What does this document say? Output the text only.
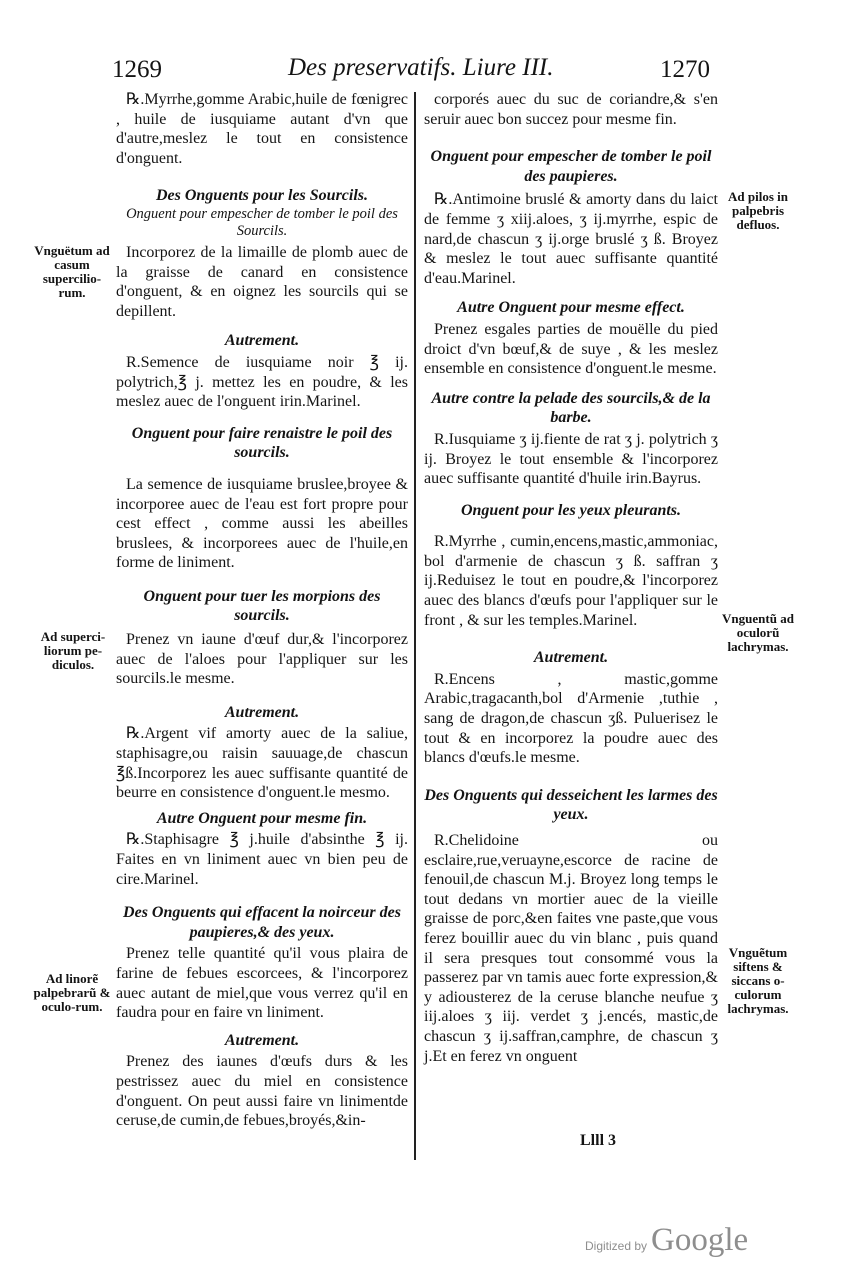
1269	Des preservatifs. Liure III.	1270
℞.Myrrhe,gomme Arabic,huile de fœnigrec , huile de iusquiame autant d'vn que d'autre,meslez le tout en consistence d'onguent.
Des Onguents pour les Sourcils.
Onguent pour empescher de tomber le poil des Sourcils.
Incorporez de la limaille de plomb auec de la graisse de canard en consistence d'onguent, & en oignez les sourcils qui se depillent.
Autrement.
R.Semence de iusquiame noir ℥ ij. polytrich,℥ j. mettez les en poudre, & les meslez auec de l'onguent irin.Marinel.
Onguent pour faire renaistre le poil des sourcils.
La semence de iusquiame bruslee,broyee & incorporee auec de l'eau est fort propre pour cest effect , comme aussi les abeilles bruslees, & incorporees auec de l'huile,en forme de liniment.
Onguent pour tuer les morpions des sourcils.
Prenez vn iaune d'œuf dur,& l'incorporez auec de l'aloes pour l'appliquer sur les sourcils.le mesme.
Autrement.
℞.Argent vif amorty auec de la saliue, staphisagre,ou raisin sauuage,de chascun ℥ß.Incorporez les auec suffisante quantité de beurre en consistence d'onguent.le mesmo.
Autre Onguent pour mesme fin.
℞.Staphisagre ℥ j.huile d'absinthe ℥ ij. Faites en vn liniment auec vn bien peu de cire.Marinel.
Des Onguents qui effacent la noirceur des paupieres,& des yeux.
Prenez telle quantité qu'il vous plaira de farine de febues escorcees, & l'incorporez auec autant de miel,que vous verrez qu'il en faudra pour en faire vn liniment.
Autrement.
Prenez des iaunes d'œufs durs & les pestrissez auec du miel en consistence d'onguent. On peut aussi faire vn linimentde ceruse,de cumin,de febues,broyés,&in-
corporés auec du suc de coriandre,& s'en seruir auec bon succez pour mesme fin.
Onguent pour empescher de tomber le poil des paupieres.
℞.Antimoine bruslé & amorty dans du laict de femme ʒ xiij.aloes, ʒ ij.myrrhe, espic de nard,de chascun ʒ ij.orge bruslé ʒ ß. Broyez & meslez le tout auec suffisante quantité d'eau.Marinel.
Autre Onguent pour mesme effect.
Prenez esgales parties de mouëlle du pied droict d'vn bœuf,& de suye , & les meslez ensemble en consistence d'onguent.le mesme.
Autre contre la pelade des sourcils,& de la barbe.
R.Iusquiame ʒ ij.fiente de rat ʒ j. polytrich ʒ ij. Broyez le tout ensemble & l'incorporez auec suffisante quantité d'huile irin.Bayrus.
Onguent pour les yeux pleurants.
R.Myrrhe , cumin,encens,mastic,ammoniac, bol d'armenie de chascun ʒ ß. saffran ʒ ij.Reduisez le tout en poudre,& l'incorporez auec des blancs d'œufs pour l'appliquer sur le front , & sur les temples.Marinel.
Autrement.
R.Encens , mastic,gomme Arabic,tragacanth,bol d'Armenie ,tuthie , sang de dragon,de chascun ʒß. Puluerisez le tout & en incorporez la poudre auec des blancs d'œufs.le mesme.
Des Onguents qui desseichent les larmes des yeux.
R.Chelidoine ou esclaire,rue,veruayne,escorce de racine de fenouil,de chascun M.j. Broyez long temps le tout dedans vn mortier auec de la vieille graisse de porc,&en faites vne paste,que vous ferez bouillir auec du vin blanc , puis quand il sera presques tout consommé vous la passerez par vn tamis auec forte expression,& y adiousterez de la ceruse blanche neufue ʒ iij.aloes ʒ iij. verdet ʒ j.encés, mastic,de chascun ʒ ij.saffran,camphre, de chascun ʒ j.Et en ferez vn onguent
Vnguëtum ad casum supercilio-rum.
Ad superci-liorum pe-diculos.
Ad linorẽ palpebrarũ & oculo-rum.
Ad pilos in palpebris defluos.
Vnguentũ ad oculorũ lachrymas.
Vnguẽtum siftens & siccans o-culorum lachrymas.
Llll 3
Digitized by Google
